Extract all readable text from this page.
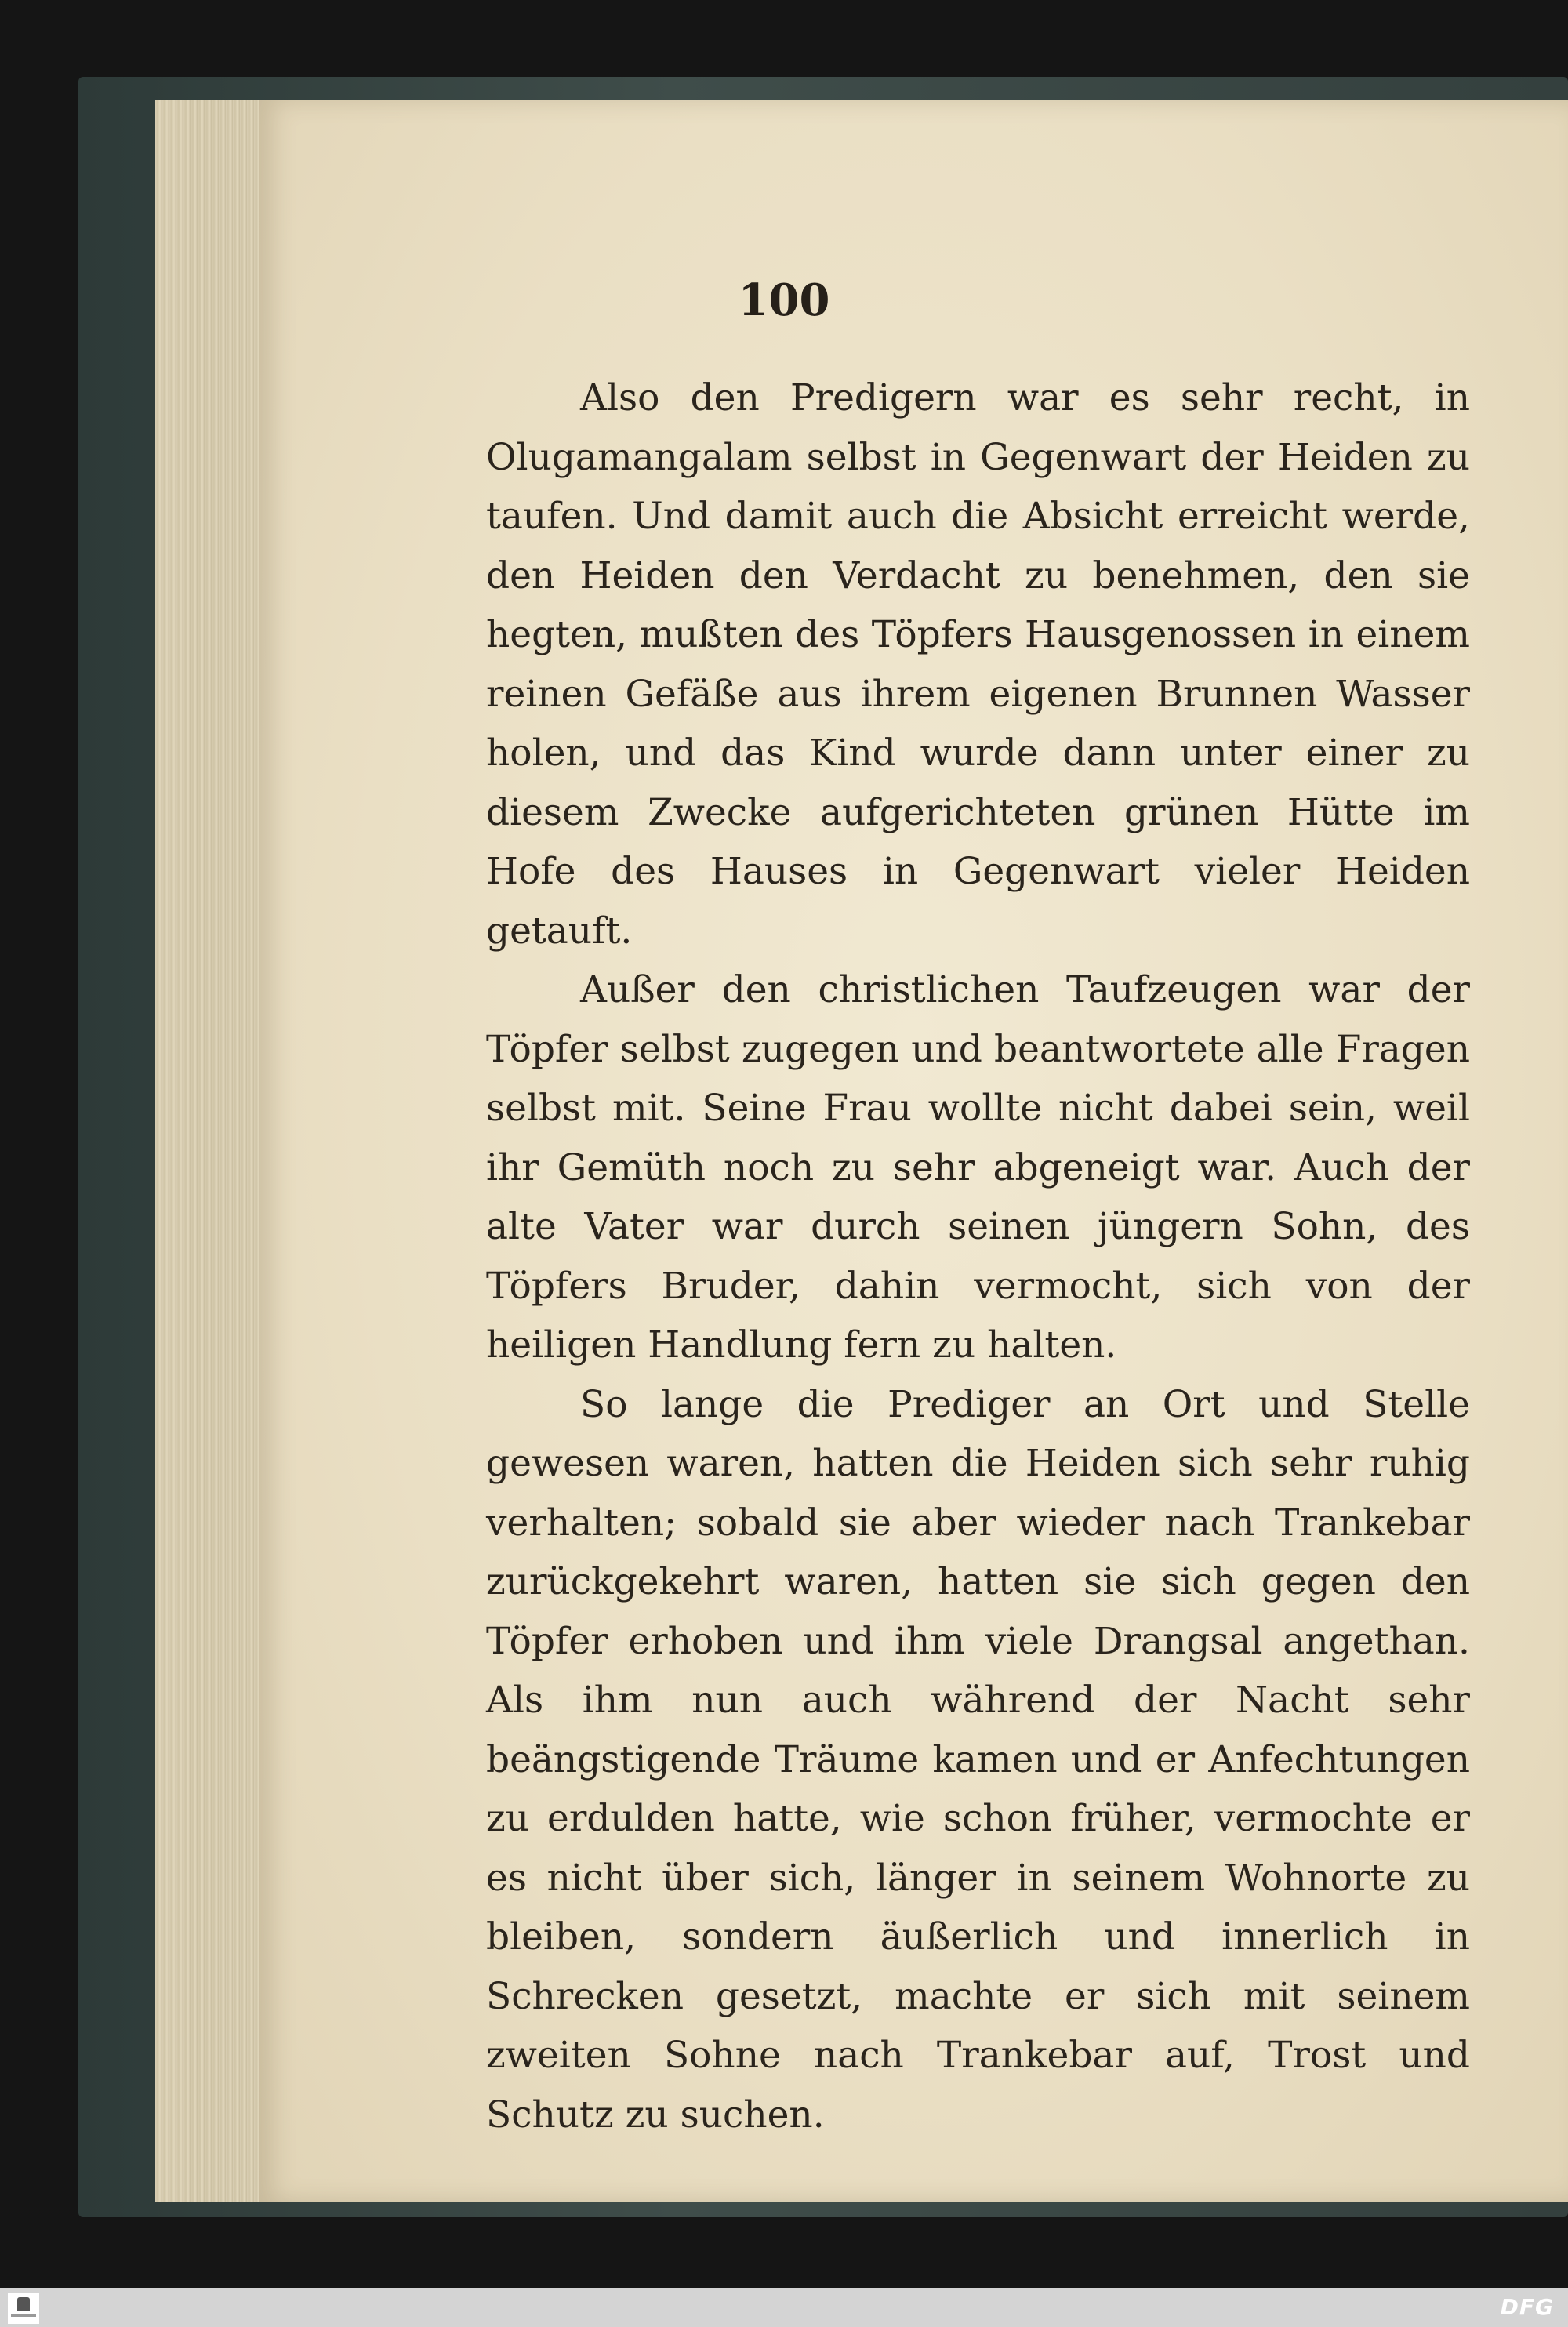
100

Also den Predigern war es sehr recht, in Olugamangalam selbst in Gegenwart der Heiden zu taufen. Und damit auch die Absicht erreicht werde, den Heiden den Verdacht zu benehmen, den sie hegten, mußten des Töpfers Hausgenossen in einem reinen Gefäße aus ihrem eigenen Brunnen Wasser holen, und das Kind wurde dann unter einer zu diesem Zwecke aufgerichteten grünen Hütte im Hofe des Hauses in Gegenwart vieler Heiden getauft.

Außer den christlichen Taufzeugen war der Töpfer selbst zugegen und beantwortete alle Fragen selbst mit. Seine Frau wollte nicht dabei sein, weil ihr Gemüth noch zu sehr abgeneigt war. Auch der alte Vater war durch seinen jüngern Sohn, des Töpfers Bruder, dahin vermocht, sich von der heiligen Handlung fern zu halten.

So lange die Prediger an Ort und Stelle gewesen waren, hatten die Heiden sich sehr ruhig verhalten; sobald sie aber wieder nach Trankebar zurückgekehrt waren, hatten sie sich gegen den Töpfer erhoben und ihm viele Drangsal angethan. Als ihm nun auch während der Nacht sehr beängstigende Träume kamen und er Anfechtungen zu erdulden hatte, wie schon früher, vermochte er es nicht über sich, länger in seinem Wohnorte zu bleiben, sondern äußerlich und innerlich in Schrecken gesetzt, machte er sich mit seinem zweiten Sohne nach Trankebar auf, Trost und Schutz zu suchen.

DFG
